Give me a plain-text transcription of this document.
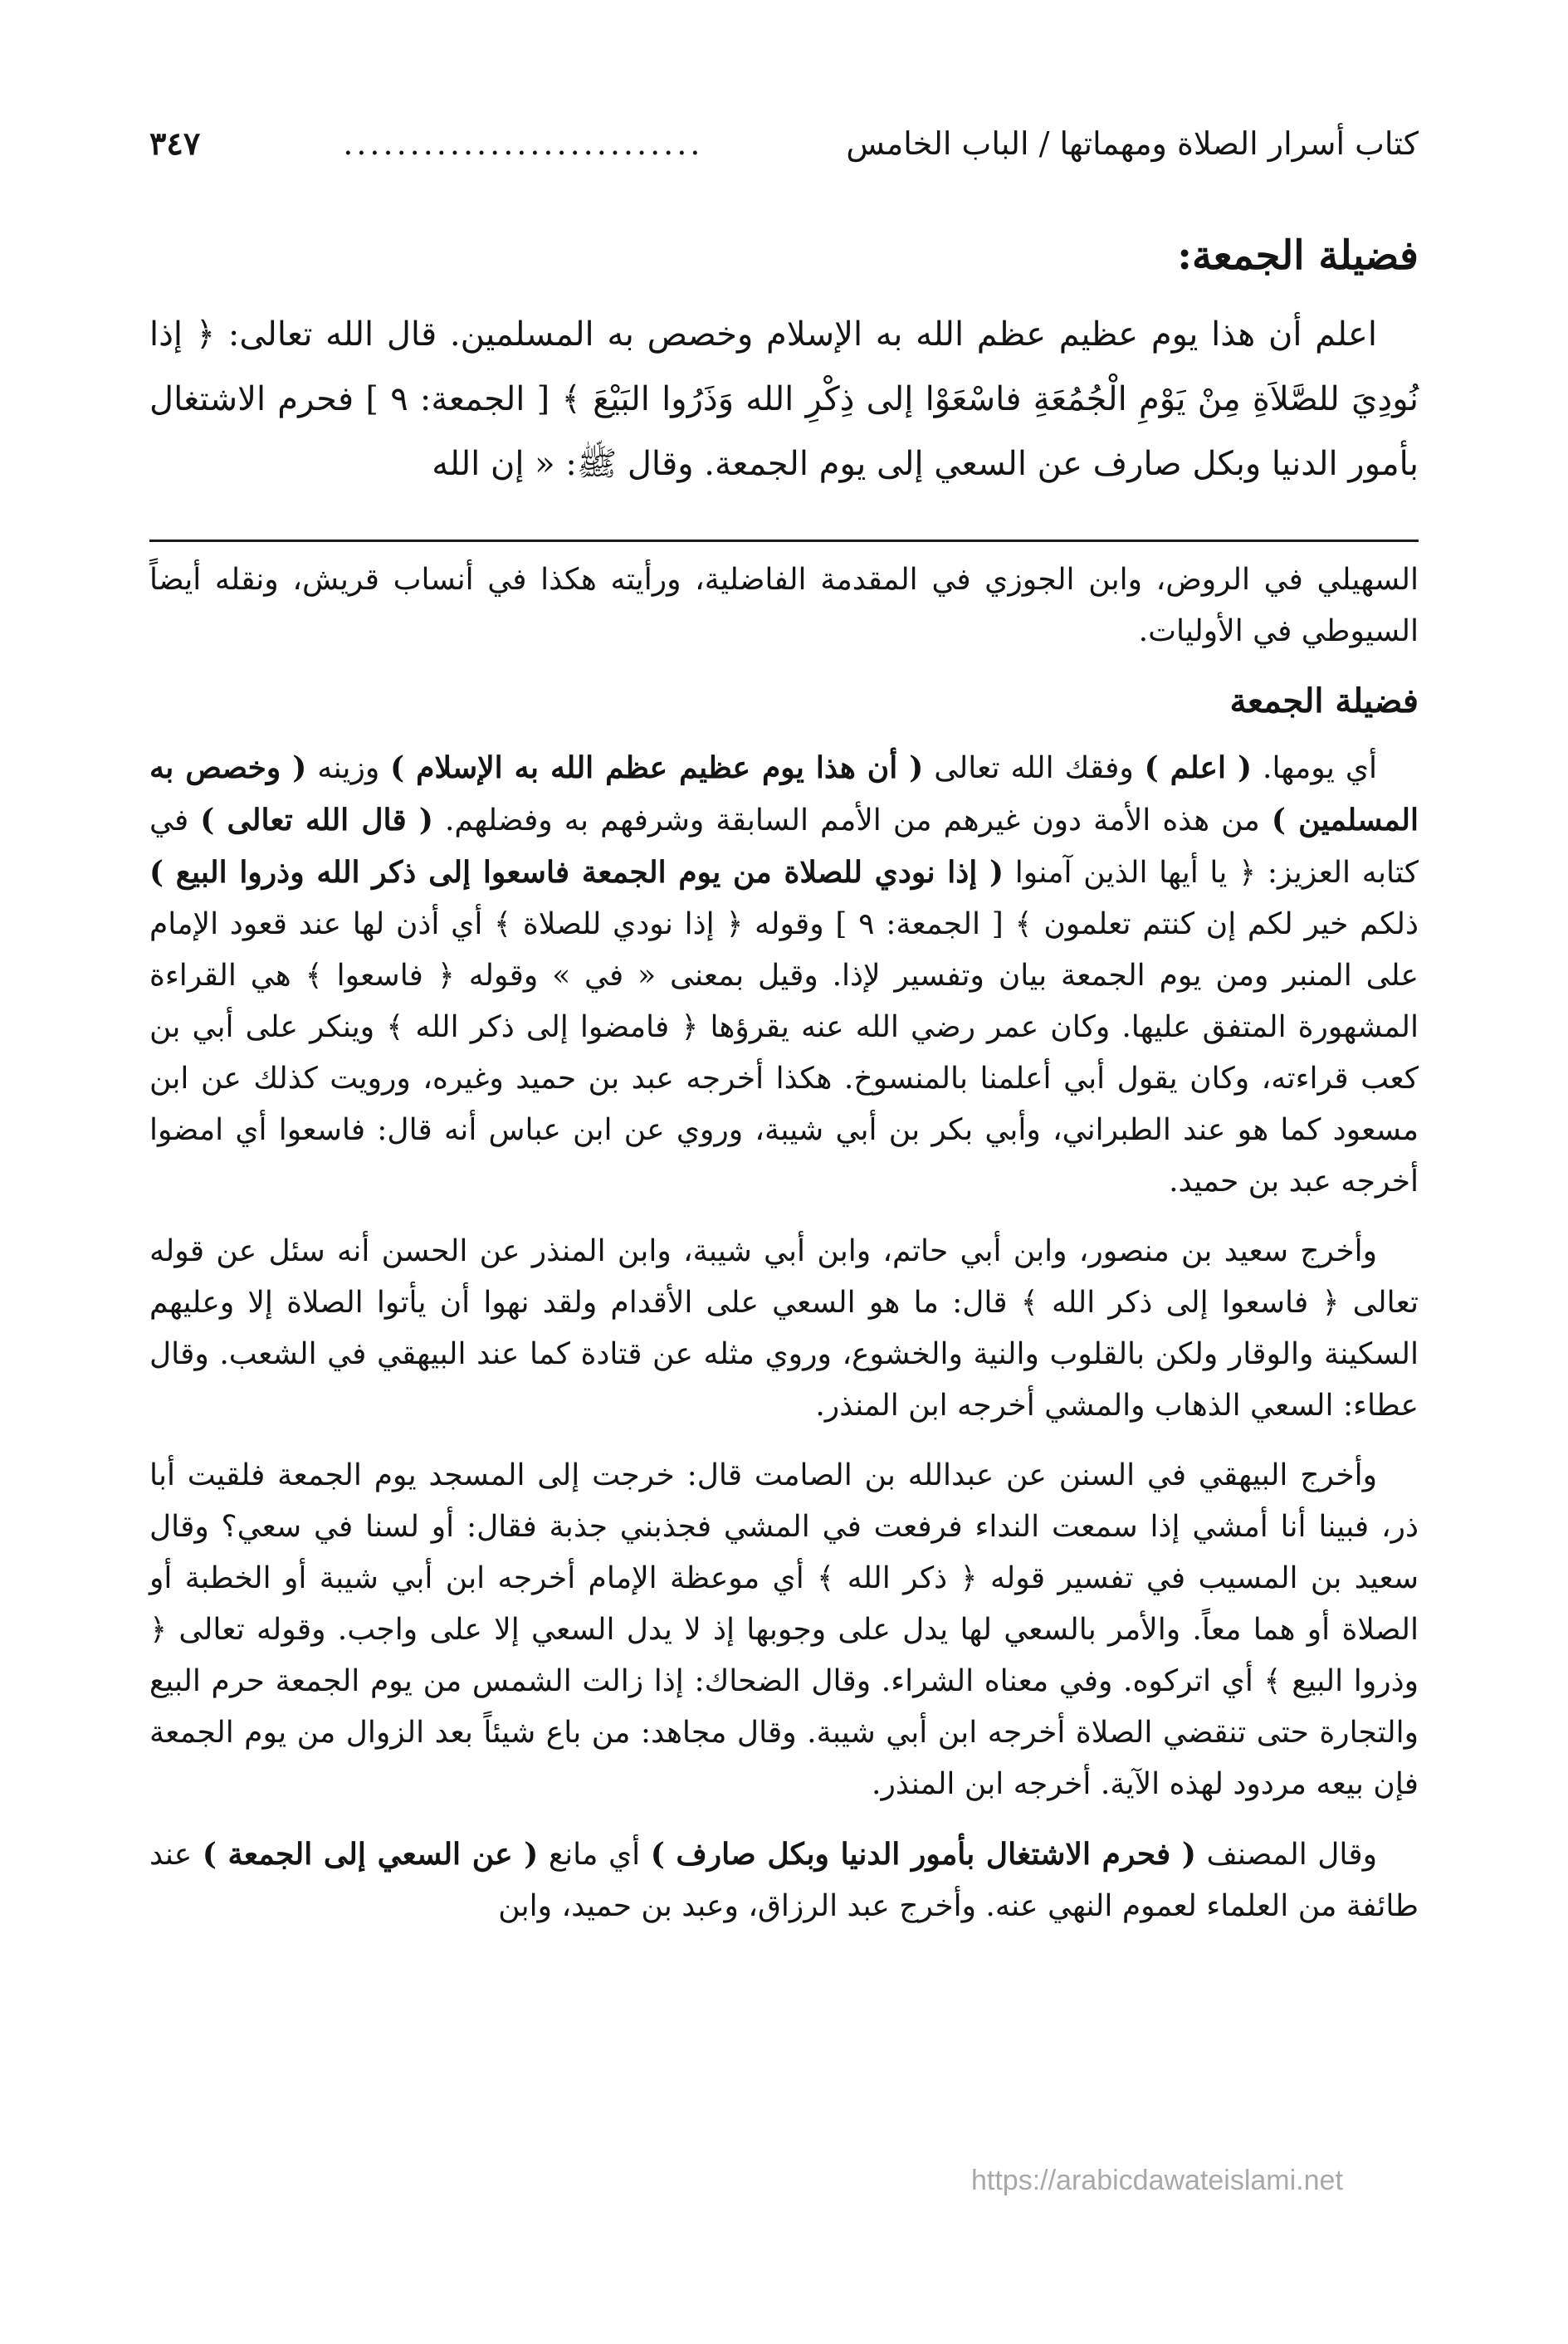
كتاب أسرار الصلاة ومهماتها / الباب الخامس
...........................
٣٤٧
فضيلة الجمعة:

اعلم أن هذا يوم عظيم عظم الله به الإسلام وخصص به المسلمين. قال الله تعالى: ﴿ إذا نُودِيَ للصَّلاَةِ مِنْ يَوْمِ الْجُمُعَةِ فاسْعَوْا إلى ذِكْرِ الله وَذَرُوا البَيْعَ ﴾ [ الجمعة: ٩ ] فحرم الاشتغال بأمور الدنيا وبكل صارف عن السعي إلى يوم الجمعة. وقال ﷺ: « إن الله

السهيلي في الروض، وابن الجوزي في المقدمة الفاضلية، ورأيته هكذا في أنساب قريش، ونقله أيضاً السيوطي في الأوليات.

فضيلة الجمعة

أي يومها. ( اعلم ) وفقك الله تعالى ( أن هذا يوم عظيم عظم الله به الإسلام ) وزينه ( وخصص به المسلمين ) من هذه الأمة دون غيرهم من الأمم السابقة وشرفهم به وفضلهم. ( قال الله تعالى ) في كتابه العزيز: ﴿ يا أيها الذين آمنوا ( إذا نودي للصلاة من يوم الجمعة فاسعوا إلى ذكر الله وذروا البيع ) ذلكم خير لكم إن كنتم تعلمون ﴾ [ الجمعة: ٩ ] وقوله ﴿ إذا نودي للصلاة ﴾ أي أذن لها عند قعود الإمام على المنبر ومن يوم الجمعة بيان وتفسير لإذا. وقيل بمعنى « في » وقوله ﴿ فاسعوا ﴾ هي القراءة المشهورة المتفق عليها. وكان عمر رضي الله عنه يقرؤها ﴿ فامضوا إلى ذكر الله ﴾ وينكر على أبي بن كعب قراءته، وكان يقول أبي أعلمنا بالمنسوخ. هكذا أخرجه عبد بن حميد وغيره، ورويت كذلك عن ابن مسعود كما هو عند الطبراني، وأبي بكر بن أبي شيبة، وروي عن ابن عباس أنه قال: فاسعوا أي امضوا أخرجه عبد بن حميد.

وأخرج سعيد بن منصور، وابن أبي حاتم، وابن أبي شيبة، وابن المنذر عن الحسن أنه سئل عن قوله تعالى ﴿ فاسعوا إلى ذكر الله ﴾ قال: ما هو السعي على الأقدام ولقد نهوا أن يأتوا الصلاة إلا وعليهم السكينة والوقار ولكن بالقلوب والنية والخشوع، وروي مثله عن قتادة كما عند البيهقي في الشعب. وقال عطاء: السعي الذهاب والمشي أخرجه ابن المنذر.

وأخرج البيهقي في السنن عن عبدالله بن الصامت قال: خرجت إلى المسجد يوم الجمعة فلقيت أبا ذر، فبينا أنا أمشي إذا سمعت النداء فرفعت في المشي فجذبني جذبة فقال: أو لسنا في سعي؟ وقال سعيد بن المسيب في تفسير قوله ﴿ ذكر الله ﴾ أي موعظة الإمام أخرجه ابن أبي شيبة أو الخطبة أو الصلاة أو هما معاً. والأمر بالسعي لها يدل على وجوبها إذ لا يدل السعي إلا على واجب. وقوله تعالى ﴿ وذروا البيع ﴾ أي اتركوه. وفي معناه الشراء. وقال الضحاك: إذا زالت الشمس من يوم الجمعة حرم البيع والتجارة حتى تنقضي الصلاة أخرجه ابن أبي شيبة. وقال مجاهد: من باع شيئاً بعد الزوال من يوم الجمعة فإن بيعه مردود لهذه الآية. أخرجه ابن المنذر.

وقال المصنف ( فحرم الاشتغال بأمور الدنيا وبكل صارف ) أي مانع ( عن السعي إلى الجمعة ) عند طائفة من العلماء لعموم النهي عنه. وأخرج عبد الرزاق، وعبد بن حميد، وابن

https://arabicdawateislami.net
